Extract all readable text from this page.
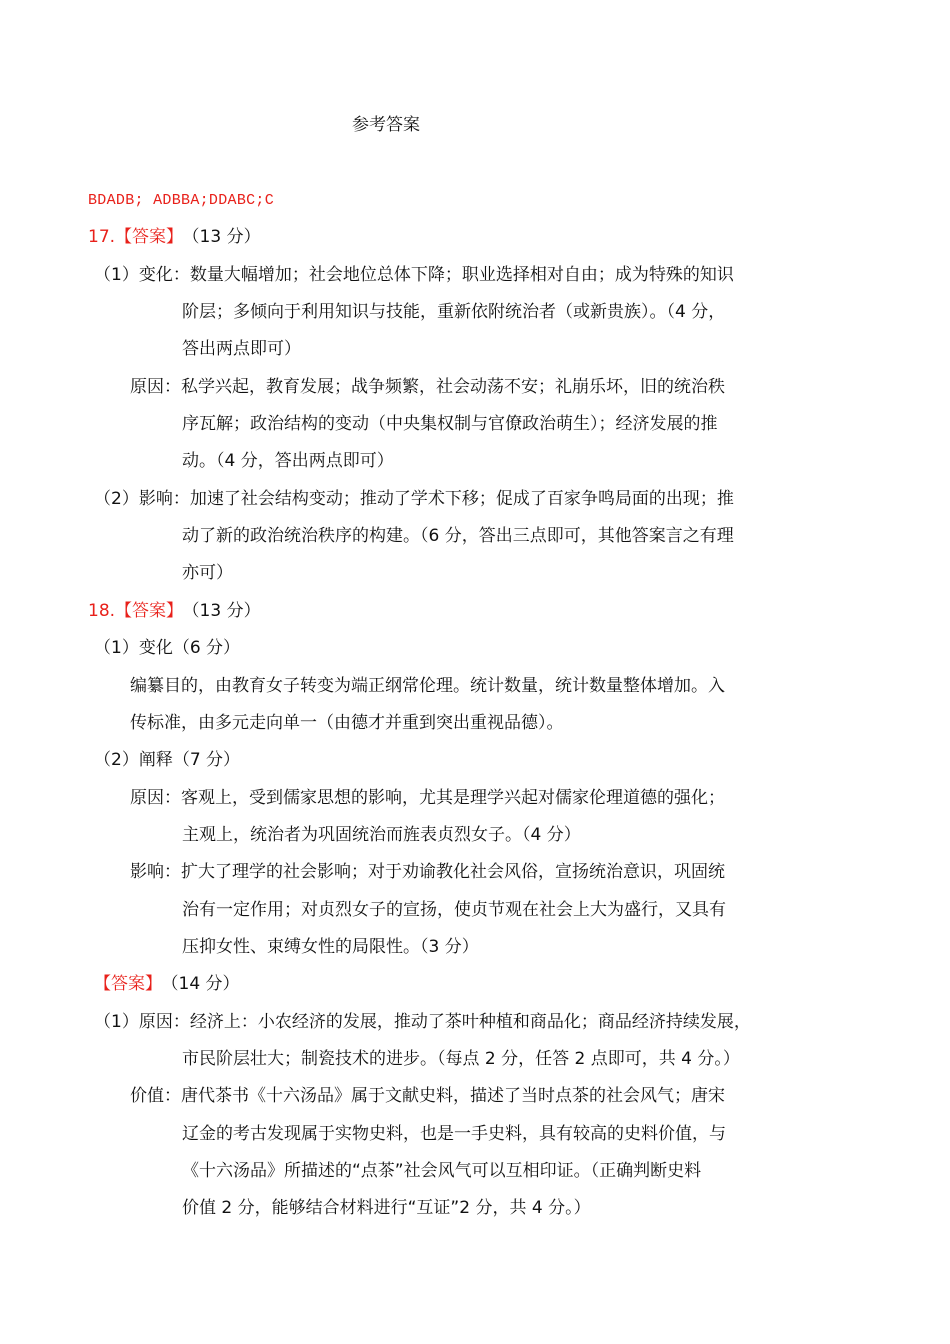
参考答案
BDADB; ADBBA;DDABC;C
17.【答案】 （13 分）
（1）变化：数量大幅增加；社会地位总体下降；职业选择相对自由；成为特殊的知识
阶层；多倾向于利用知识与技能，重新依附统治者（或新贵族）。（4 分，
答出两点即可）
原因：私学兴起，教育发展；战争频繁，社会动荡不安；礼崩乐坏，旧的统治秩
序瓦解；政治结构的变动（中央集权制与官僚政治萌生）；经济发展的推
动。（4 分，答出两点即可）
（2）影响：加速了社会结构变动；推动了学术下移；促成了百家争鸣局面的出现；推
动了新的政治统治秩序的构建。（6 分，答出三点即可，其他答案言之有理
亦可）
18.【答案】 （13 分）
（1）变化（6 分）
编纂目的，由教育女子转变为端正纲常伦理。统计数量，统计数量整体增加。入
传标准，由多元走向单一（由德才并重到突出重视品德）。
（2）阐释（7 分）
原因：客观上，受到儒家思想的影响，尤其是理学兴起对儒家伦理道德的强化；
主观上，统治者为巩固统治而旌表贞烈女子。（4 分）
影响：扩大了理学的社会影响；对于劝谕教化社会风俗，宣扬统治意识，巩固统
治有一定作用；对贞烈女子的宣扬，使贞节观在社会上大为盛行，又具有
压抑女性、束缚女性的局限性。（3 分）
【答案】 （14 分）
（1）原因：经济上：小农经济的发展，推动了茶叶种植和商品化；商品经济持续发展，
市民阶层壮大；制瓷技术的进步。（每点 2 分，任答 2 点即可，共 4 分。）
价值：唐代茶书《十六汤品》属于文献史料，描述了当时点茶的社会风气；唐宋
辽金的考古发现属于实物史料，也是一手史料，具有较高的史料价值，与
《十六汤品》所描述的“点茶”社会风气可以互相印证。（正确判断史料
价值 2 分，能够结合材料进行“互证”2 分，共 4 分。）
